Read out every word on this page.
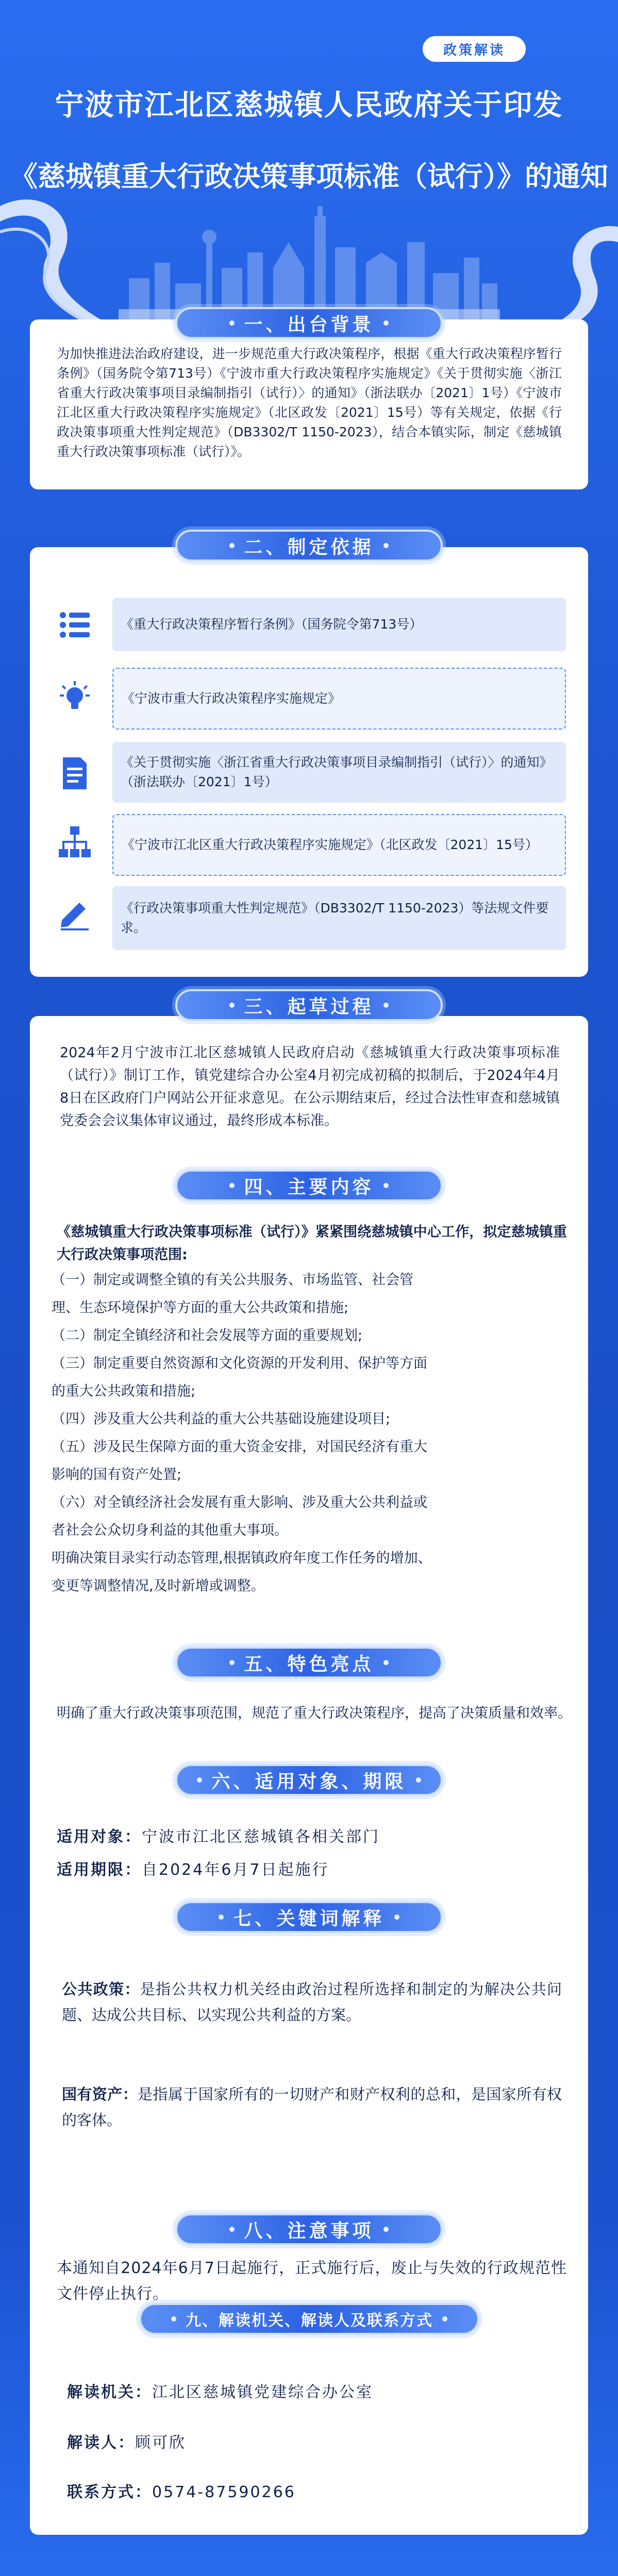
政策解读
宁波市江北区慈城镇人民政府关于印发
《慈城镇重大行政决策事项标准（试行）》的通知
一、出台背景
为加快推进法治政府建设，进一步规范重大行政决策程序，根据《重大行政决策程序暂行条例》（国务院令第713号）《宁波市重大行政决策程序实施规定》《关于贯彻实施〈浙江省重大行政决策事项目录编制指引（试行）〉的通知》（浙法联办〔2021〕1号）《宁波市江北区重大行政决策程序实施规定》（北区政发〔2021〕15号）等有关规定，依据《行政决策事项重大性判定规范》（DB3302/T 1150-2023），结合本镇实际，制定《慈城镇重大行政决策事项标准（试行）》。
二、制定依据
《重大行政决策程序暂行条例》（国务院令第713号）
《宁波市重大行政决策程序实施规定》
《关于贯彻实施〈浙江省重大行政决策事项目录编制指引（试行）〉的通知》（浙法联办〔2021〕1号）
《宁波市江北区重大行政决策程序实施规定》（北区政发〔2021〕15号）
《行政决策事项重大性判定规范》（DB3302/T 1150-2023）等法规文件要求。
三、起草过程
2024年2月宁波市江北区慈城镇人民政府启动《慈城镇重大行政决策事项标准（试行）》制订工作，镇党建综合办公室4月初完成初稿的拟制后，于2024年4月8日在区政府门户网站公开征求意见。在公示期结束后，经过合法性审查和慈城镇党委会会议集体审议通过，最终形成本标准。
四、主要内容
《慈城镇重大行政决策事项标准（试行）》紧紧围绕慈城镇中心工作，拟定慈城镇重大行政决策事项范围:
（一）制定或调整全镇的有关公共服务、市场监管、社会管
理、生态环境保护等方面的重大公共政策和措施;
（二）制定全镇经济和社会发展等方面的重要规划;
（三）制定重要自然资源和文化资源的开发利用、保护等方面
的重大公共政策和措施;
（四）涉及重大公共利益的重大公共基础设施建设项目;
（五）涉及民生保障方面的重大资金安排，对国民经济有重大
影响的国有资产处置;
（六）对全镇经济社会发展有重大影响、涉及重大公共利益或
者社会公众切身利益的其他重大事项。
明确决策目录实行动态管理,根据镇政府年度工作任务的增加、
变更等调整情况,及时新增或调整。
五、特色亮点
明确了重大行政决策事项范围，规范了重大行政决策程序，提高了决策质量和效率。
六、适用对象、期限
适用对象：宁波市江北区慈城镇各相关部门
适用期限：自2024年6月7日起施行
七、关键词解释
公共政策：是指公共权力机关经由政治过程所选择和制定的为解决公共问题、达成公共目标、以实现公共利益的方案。
国有资产：是指属于国家所有的一切财产和财产权利的总和，是国家所有权的客体。
八、注意事项
本通知自2024年6月7日起施行，正式施行后，废止与失效的行政规范性文件停止执行。
九、解读机关、解读人及联系方式
解读机关：江北区慈城镇党建综合办公室
解读人：顾可欣
联系方式：0574-87590266
